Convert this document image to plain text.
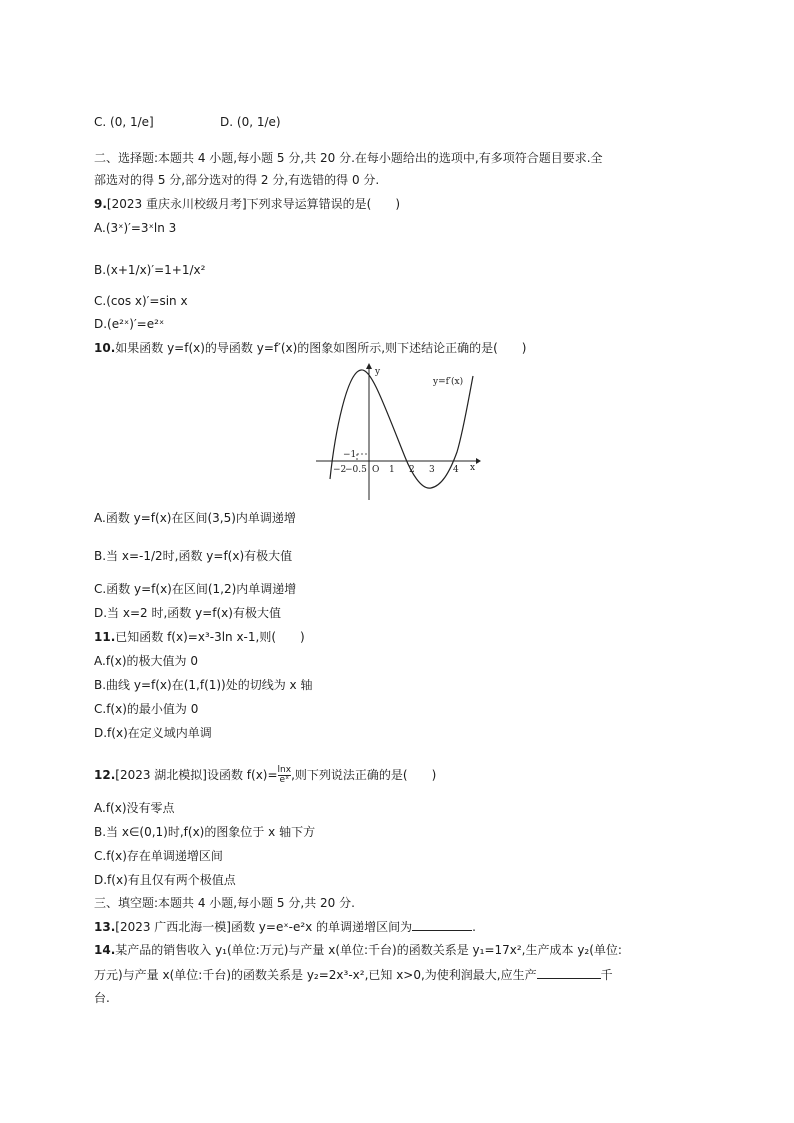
C. (0, 1/e]	D. (0, 1/e)
二、选择题:本题共 4 小题,每小题 5 分,共 20 分.在每小题给出的选项中,有多项符合题目要求.全
部选对的得 5 分,部分选对的得 2 分,有选错的得 0 分.
9.[2023 重庆永川校级月考]下列求导运算错误的是(　　)
A.(3ˣ)′=3ˣln 3
B.(x+1/x)′=1+1/x²
C.(cos x)′=sin x
D.(e²ˣ)′=e²ˣ
10.如果函数 y=f(x)的导函数 y=f′(x)的图象如图所示,则下述结论正确的是(　　)
y=f′(x)
y
x
O
−2
−0.5
−1
1 2 3 4
A.函数 y=f(x)在区间(3,5)内单调递增
B.当 x=-1/2时,函数 y=f(x)有极大值
C.函数 y=f(x)在区间(1,2)内单调递增
D.当 x=2 时,函数 y=f(x)有极大值
11.已知函数 f(x)=x³-3ln x-1,则(　　)
A.f(x)的极大值为 0
B.曲线 y=f(x)在(1,f(1))处的切线为 x 轴
C.f(x)的最小值为 0
D.f(x)在定义域内单调
12.[2023 湖北模拟]设函数 $f(x)= \frac{\ln x}{\text{eˣ}}$ ,则下列说法正确的是(　　)
A.f(x)没有零点
B.当 x∈(0,1)时,f(x)的图象位于 x 轴下方
C.f(x)存在单调递增区间
D.f(x)有且仅有两个极值点
三、填空题:本题共 4 小题,每小题 5 分,共 20 分.
13.[2023 广西北海一模]函数 y=eˣ-e²x 的单调递增区间为	.
14.某产品的销售收入 y₁(单位:万元)与产量 x(单位:千台)的函数关系是 y₁=17x²,生产成本 y₂(单位:
万元)与产量 x(单位:千台)的函数关系是 y₂=2x³-x²,已知 x>0,为使利润最大,应生产	千
台.
